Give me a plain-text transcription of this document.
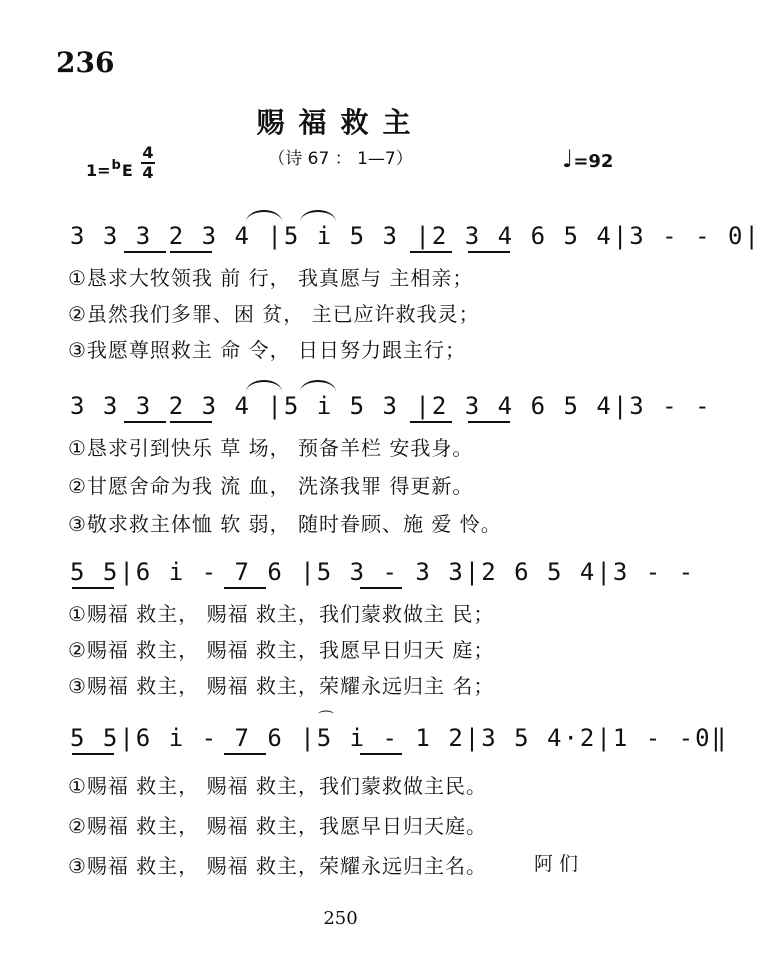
236
赐福救主
（诗 67 ： 1—7）
1=$^b$E
4
4	♩=92
3 3 3 2 3 4 |5 i 5 3 |2 3 4 6 5 4|3 - - 0|
①恳求大牧领我 前 行， 我真愿与 主相亲；
②虽然我们多罪、困 贫， 主已应许救我灵；
③我愿尊照救主 命 令， 日日努力跟主行；
3 3 3 2 3 4 |5 i 5 3 |2 3 4 6 5 4|3 - -
①恳求引到快乐 草 场， 预备羊栏 安我身。
②甘愿舍命为我 流 血， 洗涤我罪 得更新。
③敬求救主体恤 软 弱， 随时眷顾、施 爱 怜。
5 5|6 i - 7 6 |5 3 - 3 3|2 6 5 4|3 - -
①赐福 救主， 赐福 救主，我们蒙救做主 民；
②赐福 救主， 赐福 救主，我愿早日归天 庭；
③赐福 救主， 赐福 救主，荣耀永远归主 名；
5 5|6 i - 7 6 |5 i - 1 2|3 5 4·2|1 - -0‖
⌒
①赐福 救主， 赐福 救主，我们蒙救做主民。
②赐福 救主， 赐福 救主，我愿早日归天庭。
③赐福 救主， 赐福 救主，荣耀永远归主名。 阿 们
250
